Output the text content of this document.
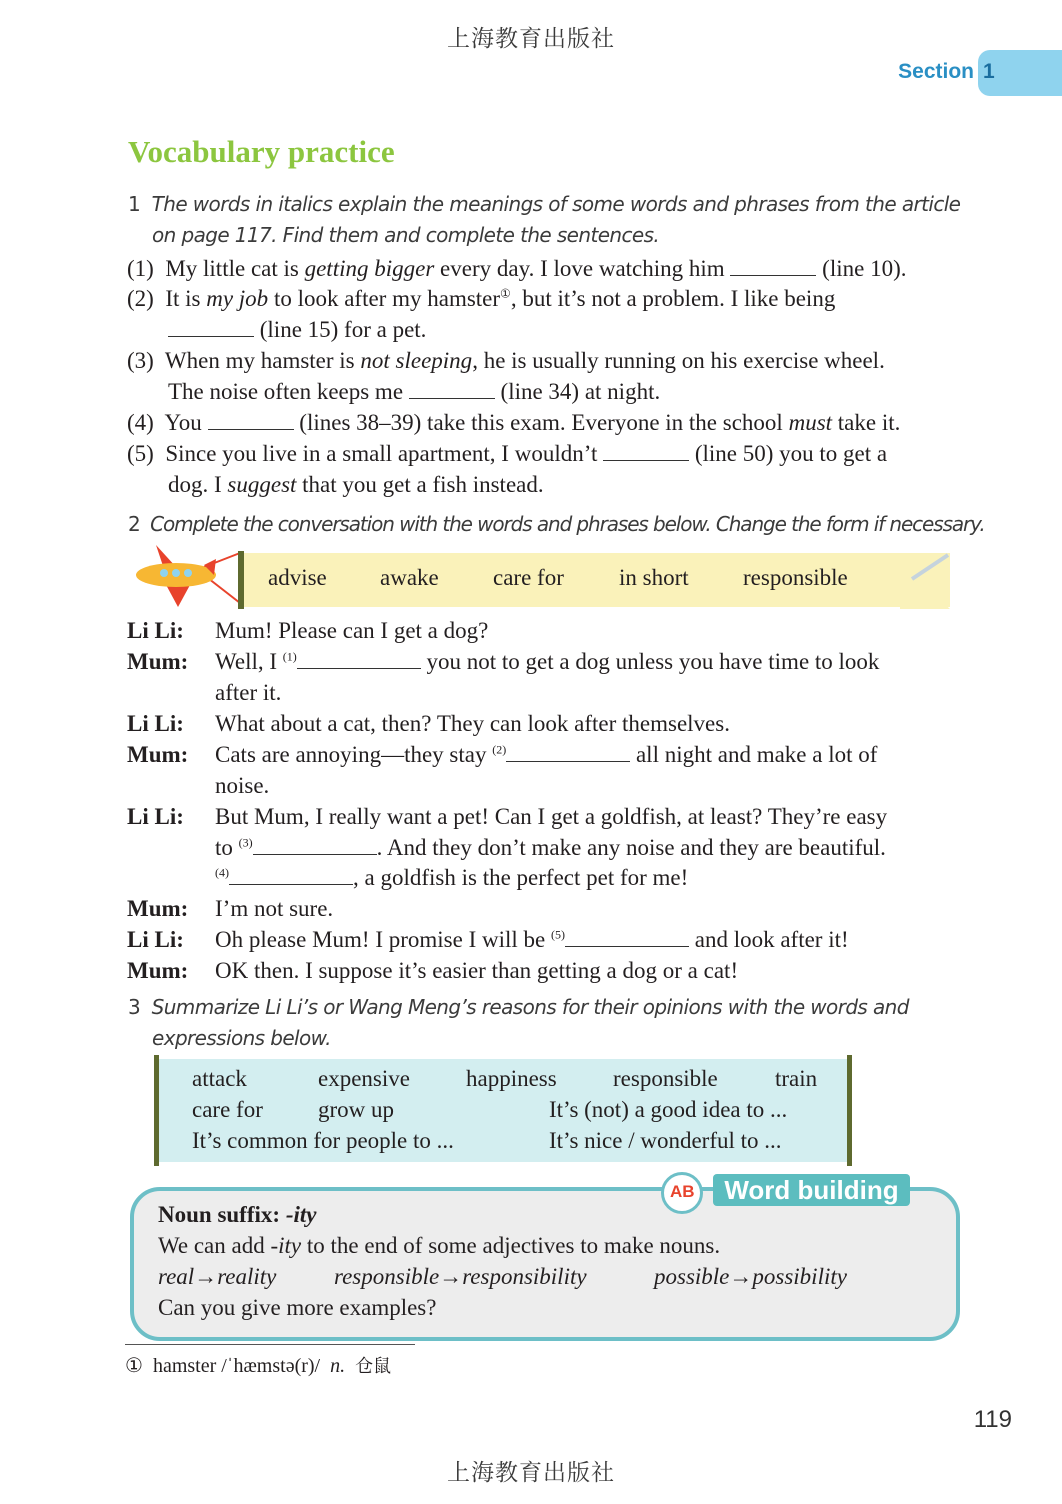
上海教育出版社
Section 1
Vocabulary practice
1 The words in italics explain the meanings of some words and phrases from the article
on page 117. Find them and complete the sentences.
(1) My little cat is getting bigger every day. I love watching him	(line 10).
(2) It is my job to look after my hamster①, but it’s not a problem. I like being
(line 15) for a pet.
(3) When my hamster is not sleeping, he is usually running on his exercise wheel.
The noise often keeps me	(line 34) at night.
(4) You	(lines 38–39) take this exam. Everyone in the school must take it.
(5) Since you live in a small apartment, I wouldn’t	(line 50) you to get a
dog. I suggest that you get a fish instead.
2 Complete the conversation with the words and phrases below. Change the form if necessary.
advise awake care for in short responsible
Li Li: Mum! Please can I get a dog?
Mum: Well, I $^{(1)}$	you not to get a dog unless you have time to look
after it.
Li Li: What about a cat, then? They can look after themselves.
Mum: Cats are annoying—they stay $^{(2)}$	all night and make a lot of
noise.
Li Li: But Mum, I really want a pet! Can I get a goldfish, at least? They’re easy
to $^{(3)}$	. And they don’t make any noise and they are beautiful.
$^{(4)}$	, a goldfish is the perfect pet for me!
Mum: I’m not sure.
Li Li: Oh please Mum! I promise I will be $^{(5)}$	and look after it!
Mum: OK then. I suppose it’s easier than getting a dog or a cat!
3 Summarize Li Li’s or Wang Meng’s reasons for their opinions with the words and
expressions below.
attack	expensive happiness responsible train
care for grow up	It’s (not) a good idea to ...
It’s common for people to ...	It’s nice / wonderful to ...
Word building
AB
Noun suffix: -ity
We can add -ity to the end of some adjectives to make nouns.
real→reality	responsible→responsibility	possible→possibility
Can you give more examples?
① hamster /ˈhæmstə(r)/ n. 仓鼠
119
上海教育出版社
